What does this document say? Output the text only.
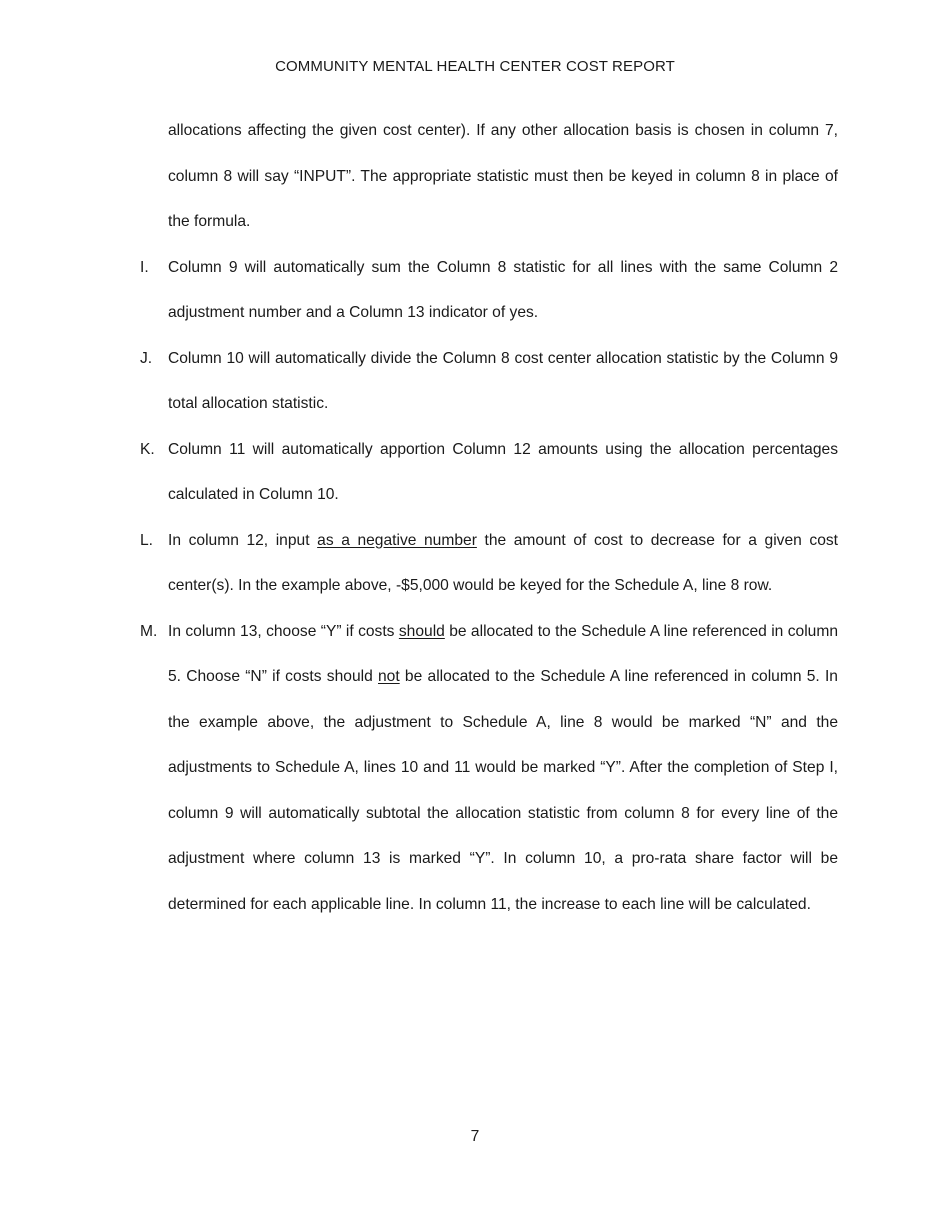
COMMUNITY MENTAL HEALTH CENTER COST REPORT

allocations affecting the given cost center). If any other allocation basis is chosen in column 7, column 8 will say “INPUT”. The appropriate statistic must then be keyed in column 8 in place of the formula.

I. Column 9 will automatically sum the Column 8 statistic for all lines with the same Column 2 adjustment number and a Column 13 indicator of yes.
J. Column 10 will automatically divide the Column 8 cost center allocation statistic by the Column 9 total allocation statistic.
K. Column 11 will automatically apportion Column 12 amounts using the allocation percentages calculated in Column 10.
L. In column 12, input as a negative number the amount of cost to decrease for a given cost center(s). In the example above, -$5,000 would be keyed for the Schedule A, line 8 row.
M. In column 13, choose “Y” if costs should be allocated to the Schedule A line referenced in column 5. Choose “N” if costs should not be allocated to the Schedule A line referenced in column 5. In the example above, the adjustment to Schedule A, line 8 would be marked “N” and the adjustments to Schedule A, lines 10 and 11 would be marked “Y”. After the completion of Step I, column 9 will automatically subtotal the allocation statistic from column 8 for every line of the adjustment where column 13 is marked “Y”. In column 10, a pro-rata share factor will be determined for each applicable line. In column 11, the increase to each line will be calculated.
7
